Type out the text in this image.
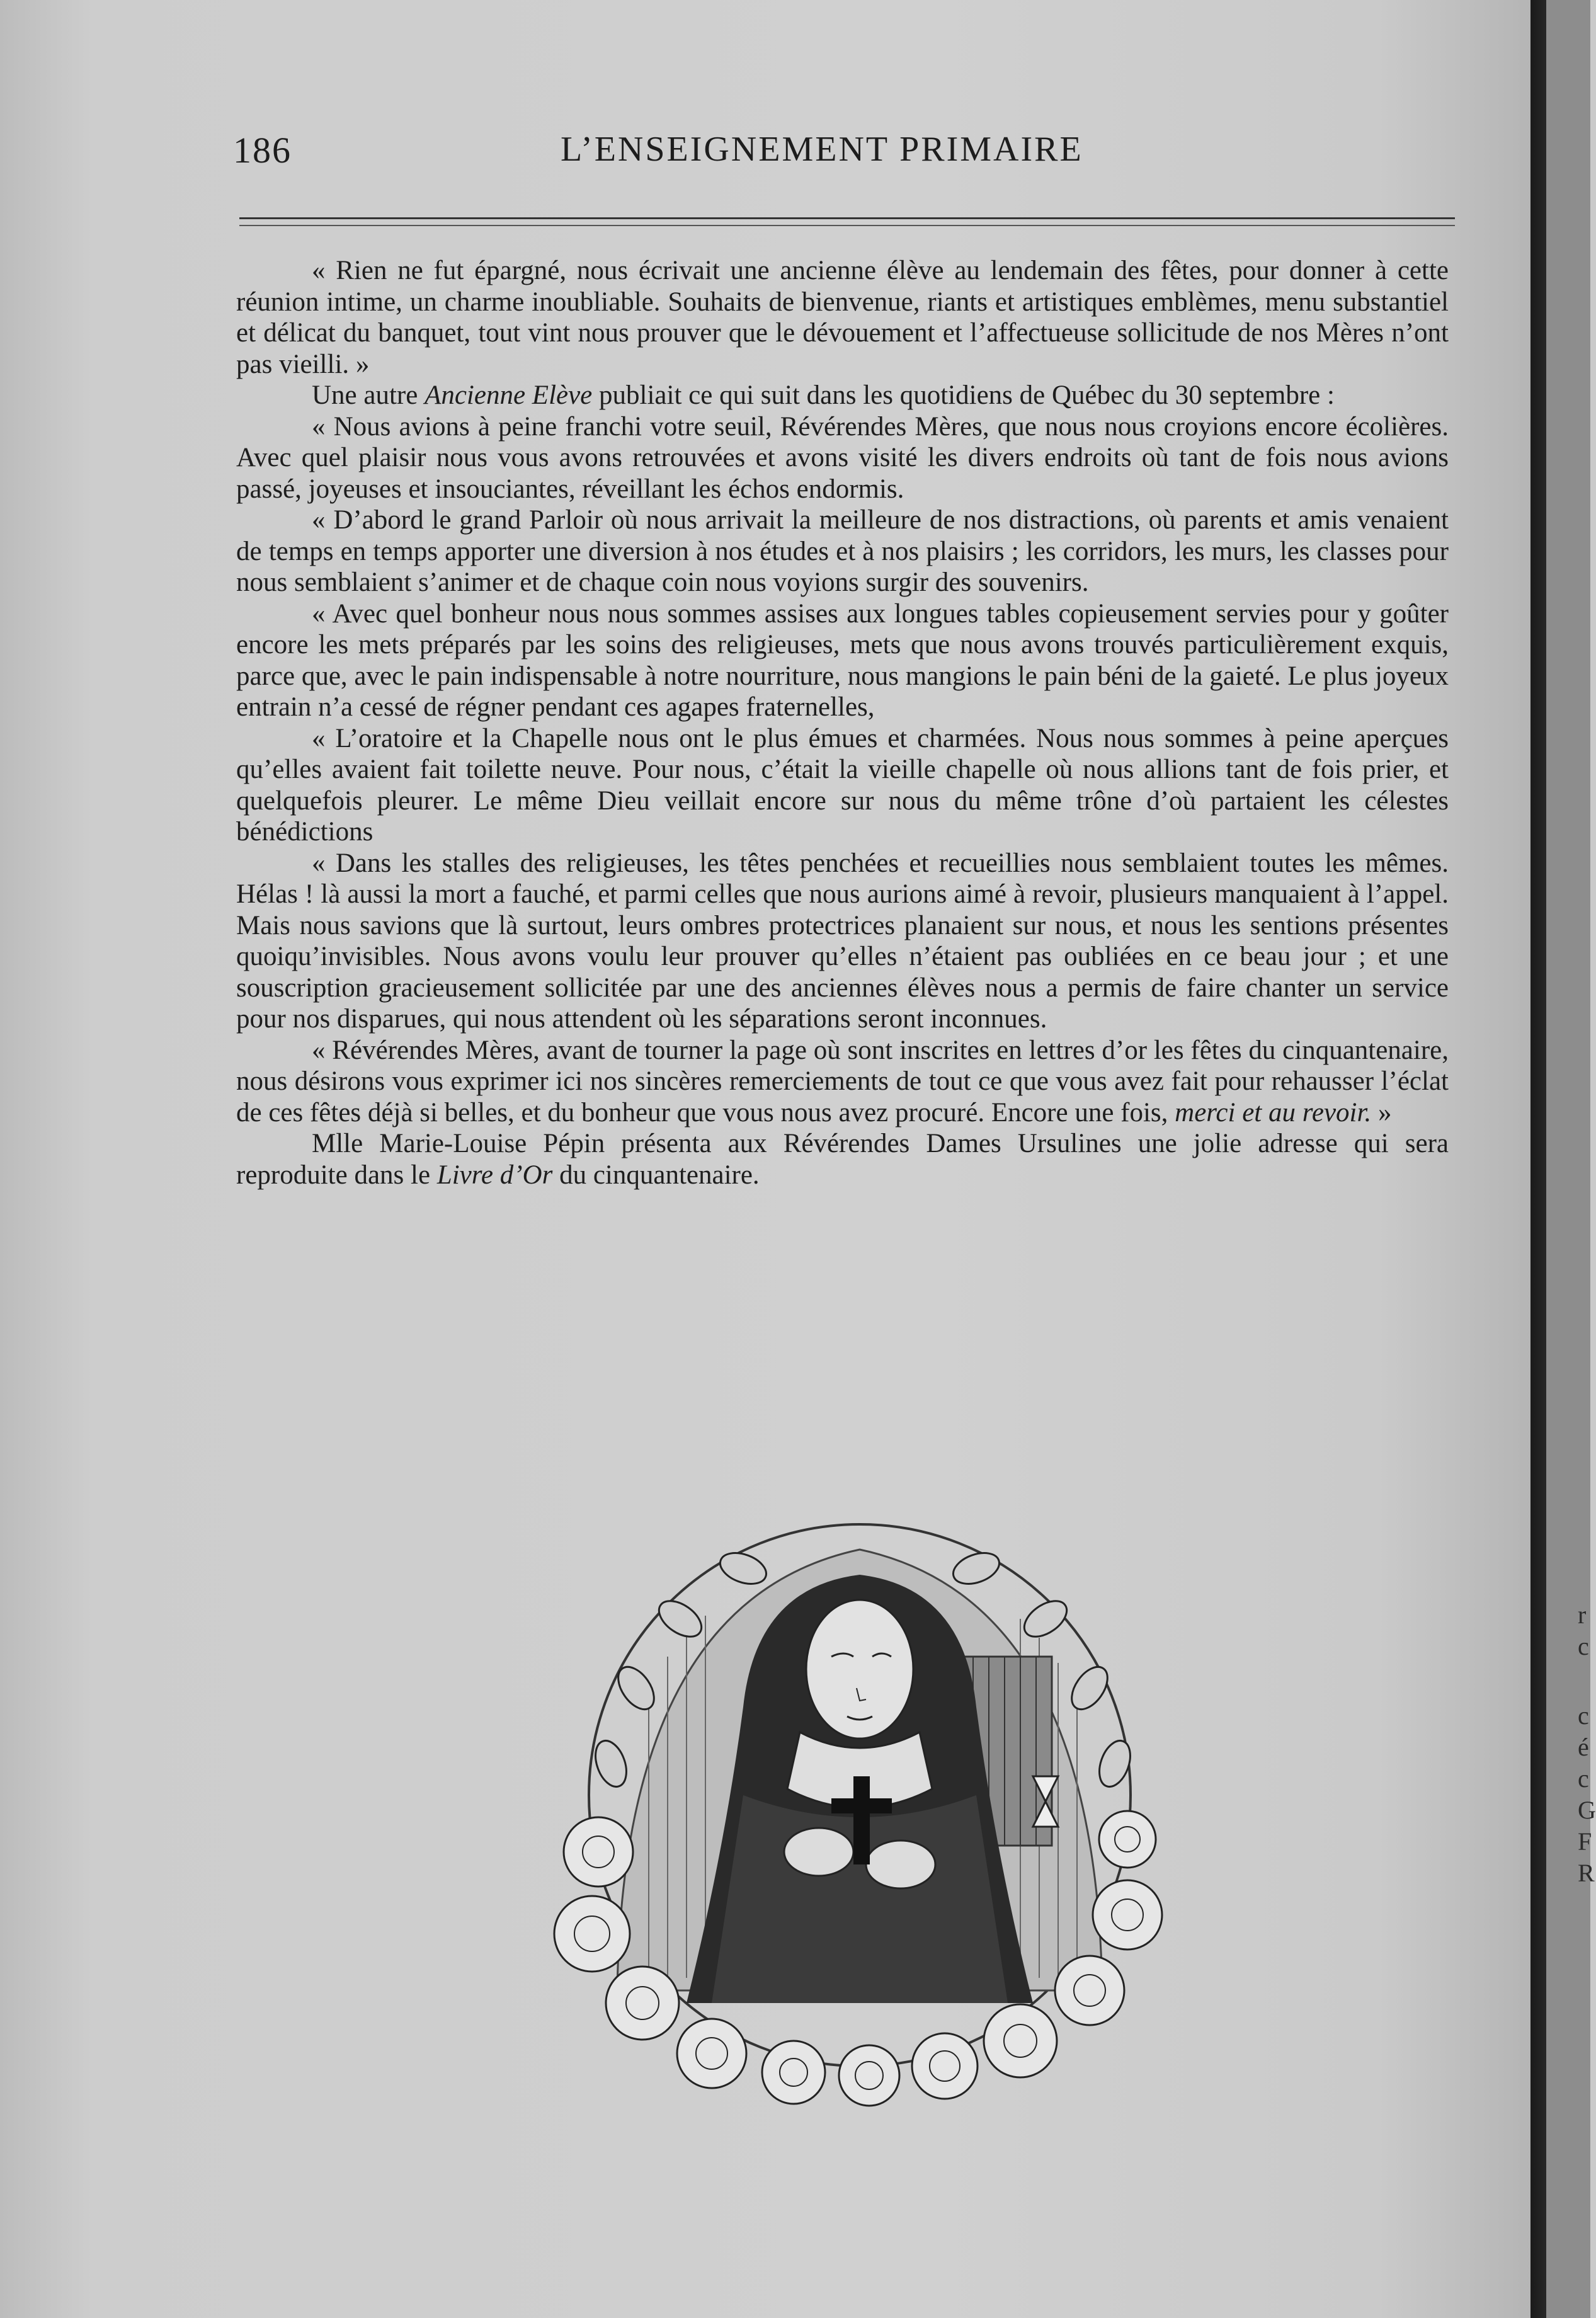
r
c
c
é
c
G
F
R
186	L’ENSEIGNEMENT PRIMAIRE

« Rien ne fut épargné, nous écrivait une ancienne élève au lendemain des fêtes, pour donner à cette réunion intime, un charme inoubliable. Souhaits de bienvenue, riants et artistiques emblèmes, menu substantiel et délicat du banquet, tout vint nous prouver que le dévouement et l’affectueuse sollicitude de nos Mères n’ont pas vieilli. »

Une autre Ancienne Elève publiait ce qui suit dans les quotidiens de Québec du 30 septembre :

« Nous avions à peine franchi votre seuil, Révérendes Mères, que nous nous croyions encore écolières. Avec quel plaisir nous vous avons retrouvées et avons visité les divers endroits où tant de fois nous avions passé, joyeuses et insouciantes, réveillant les échos endormis.

« D’abord le grand Parloir où nous arrivait la meilleure de nos distractions, où parents et amis venaient de temps en temps apporter une diversion à nos études et à nos plaisirs ; les corridors, les murs, les classes pour nous semblaient s’animer et de chaque coin nous voyions surgir des souvenirs.

« Avec quel bonheur nous nous sommes assises aux longues tables copieusement servies pour y goûter encore les mets préparés par les soins des religieuses, mets que nous avons trouvés particulièrement exquis, parce que, avec le pain indispensable à notre nourriture, nous mangions le pain béni de la gaieté. Le plus joyeux entrain n’a cessé de régner pendant ces agapes fraternelles,

« L’oratoire et la Chapelle nous ont le plus émues et charmées. Nous nous sommes à peine aperçues qu’elles avaient fait toilette neuve. Pour nous, c’était la vieille chapelle où nous allions tant de fois prier, et quelquefois pleurer. Le même Dieu veillait encore sur nous du même trône d’où partaient les célestes bénédictions

« Dans les stalles des religieuses, les têtes penchées et recueillies nous semblaient toutes les mêmes. Hélas ! là aussi la mort a fauché, et parmi celles que nous aurions aimé à revoir, plusieurs manquaient à l’appel. Mais nous savions que là surtout, leurs ombres protectrices planaient sur nous, et nous les sentions présentes quoiqu’invisibles. Nous avons voulu leur prouver qu’elles n’étaient pas oubliées en ce beau jour ; et une souscription gracieusement sollicitée par une des anciennes élèves nous a permis de faire chanter un service pour nos disparues, qui nous attendent où les séparations seront inconnues.

« Révérendes Mères, avant de tourner la page où sont inscrites en lettres d’or les fêtes du cinquantenaire, nous désirons vous exprimer ici nos sincères remerciements de tout ce que vous avez fait pour rehausser l’éclat de ces fêtes déjà si belles, et du bonheur que vous nous avez procuré. Encore une fois, merci et au revoir. »

Mlle Marie-Louise Pépin présenta aux Révérendes Dames Ursulines une jolie adresse qui sera reproduite dans le Livre d’Or du cinquantenaire.
